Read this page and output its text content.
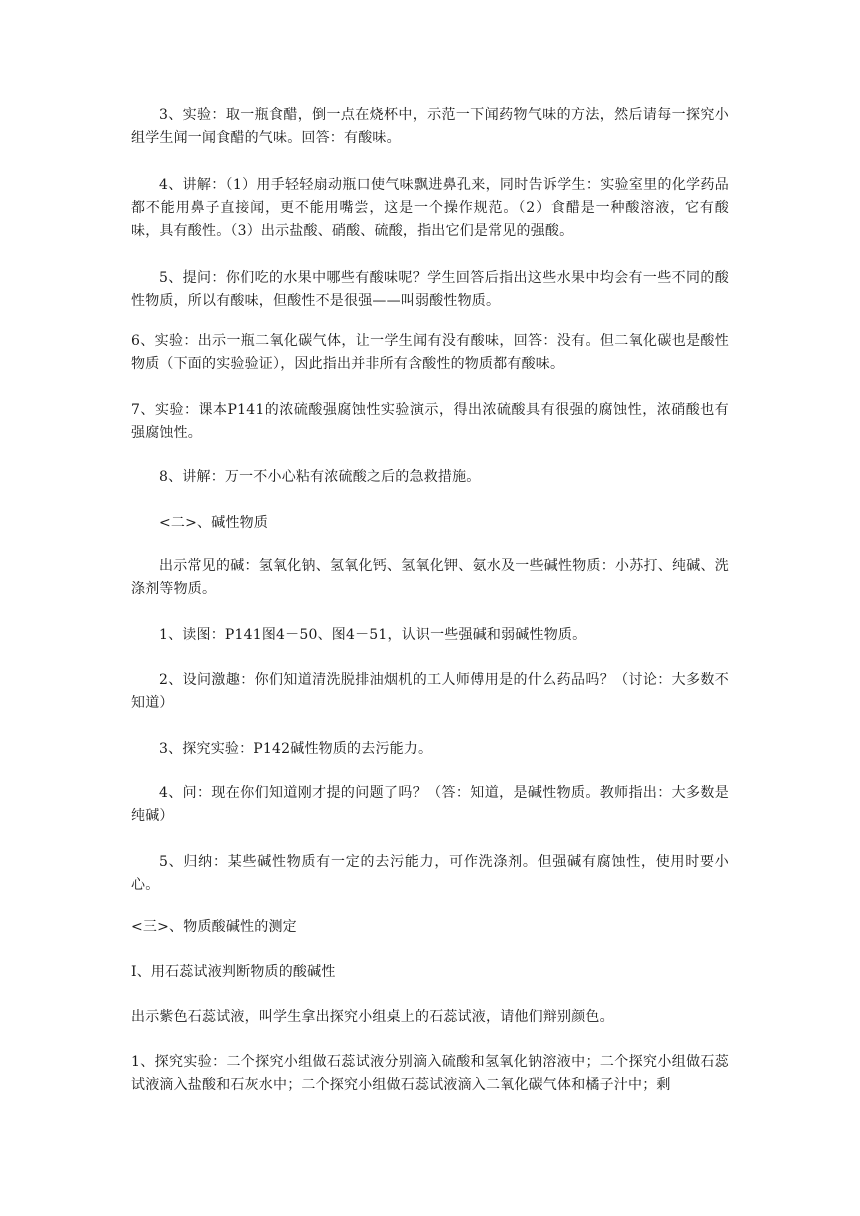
3、实验：取一瓶食醋，倒一点在烧杯中，示范一下闻药物气味的方法，然后请每一探究小组学生闻一闻食醋的气味。回答：有酸味。

4、讲解：（1）用手轻轻扇动瓶口使气味飘进鼻孔来，同时告诉学生：实验室里的化学药品都不能用鼻子直接闻，更不能用嘴尝，这是一个操作规范。（2）食醋是一种酸溶液，它有酸味，具有酸性。（3）出示盐酸、硝酸、硫酸，指出它们是常见的强酸。

5、提问：你们吃的水果中哪些有酸味呢？学生回答后指出这些水果中均会有一些不同的酸性物质，所以有酸味，但酸性不是很强——叫弱酸性物质。

6、实验：出示一瓶二氧化碳气体，让一学生闻有没有酸味，回答：没有。但二氧化碳也是酸性物质（下面的实验验证），因此指出并非所有含酸性的物质都有酸味。

7、实验：课本P141的浓硫酸强腐蚀性实验演示，得出浓硫酸具有很强的腐蚀性，浓硝酸也有强腐蚀性。

8、讲解：万一不小心粘有浓硫酸之后的急救措施。

<二>、碱性物质

出示常见的碱：氢氧化钠、氢氧化钙、氢氧化钾、氨水及一些碱性物质：小苏打、纯碱、洗涤剂等物质。

1、读图：P141图4－50、图4－51，认识一些强碱和弱碱性物质。

2、设问激趣：你们知道清洗脱排油烟机的工人师傅用是的什么药品吗？（讨论：大多数不知道）

3、探究实验：P142碱性物质的去污能力。

4、问：现在你们知道刚才提的问题了吗？（答：知道，是碱性物质。教师指出：大多数是纯碱）

5、归纳：某些碱性物质有一定的去污能力，可作洗涤剂。但强碱有腐蚀性，使用时要小心。

<三>、物质酸碱性的测定

Ⅰ、用石蕊试液判断物质的酸碱性

出示紫色石蕊试液，叫学生拿出探究小组桌上的石蕊试液，请他们辩别颜色。

1、探究实验：二个探究小组做石蕊试液分别滴入硫酸和氢氧化钠溶液中；二个探究小组做石蕊试液滴入盐酸和石灰水中；二个探究小组做石蕊试液滴入二氧化碳气体和橘子汁中；剩
